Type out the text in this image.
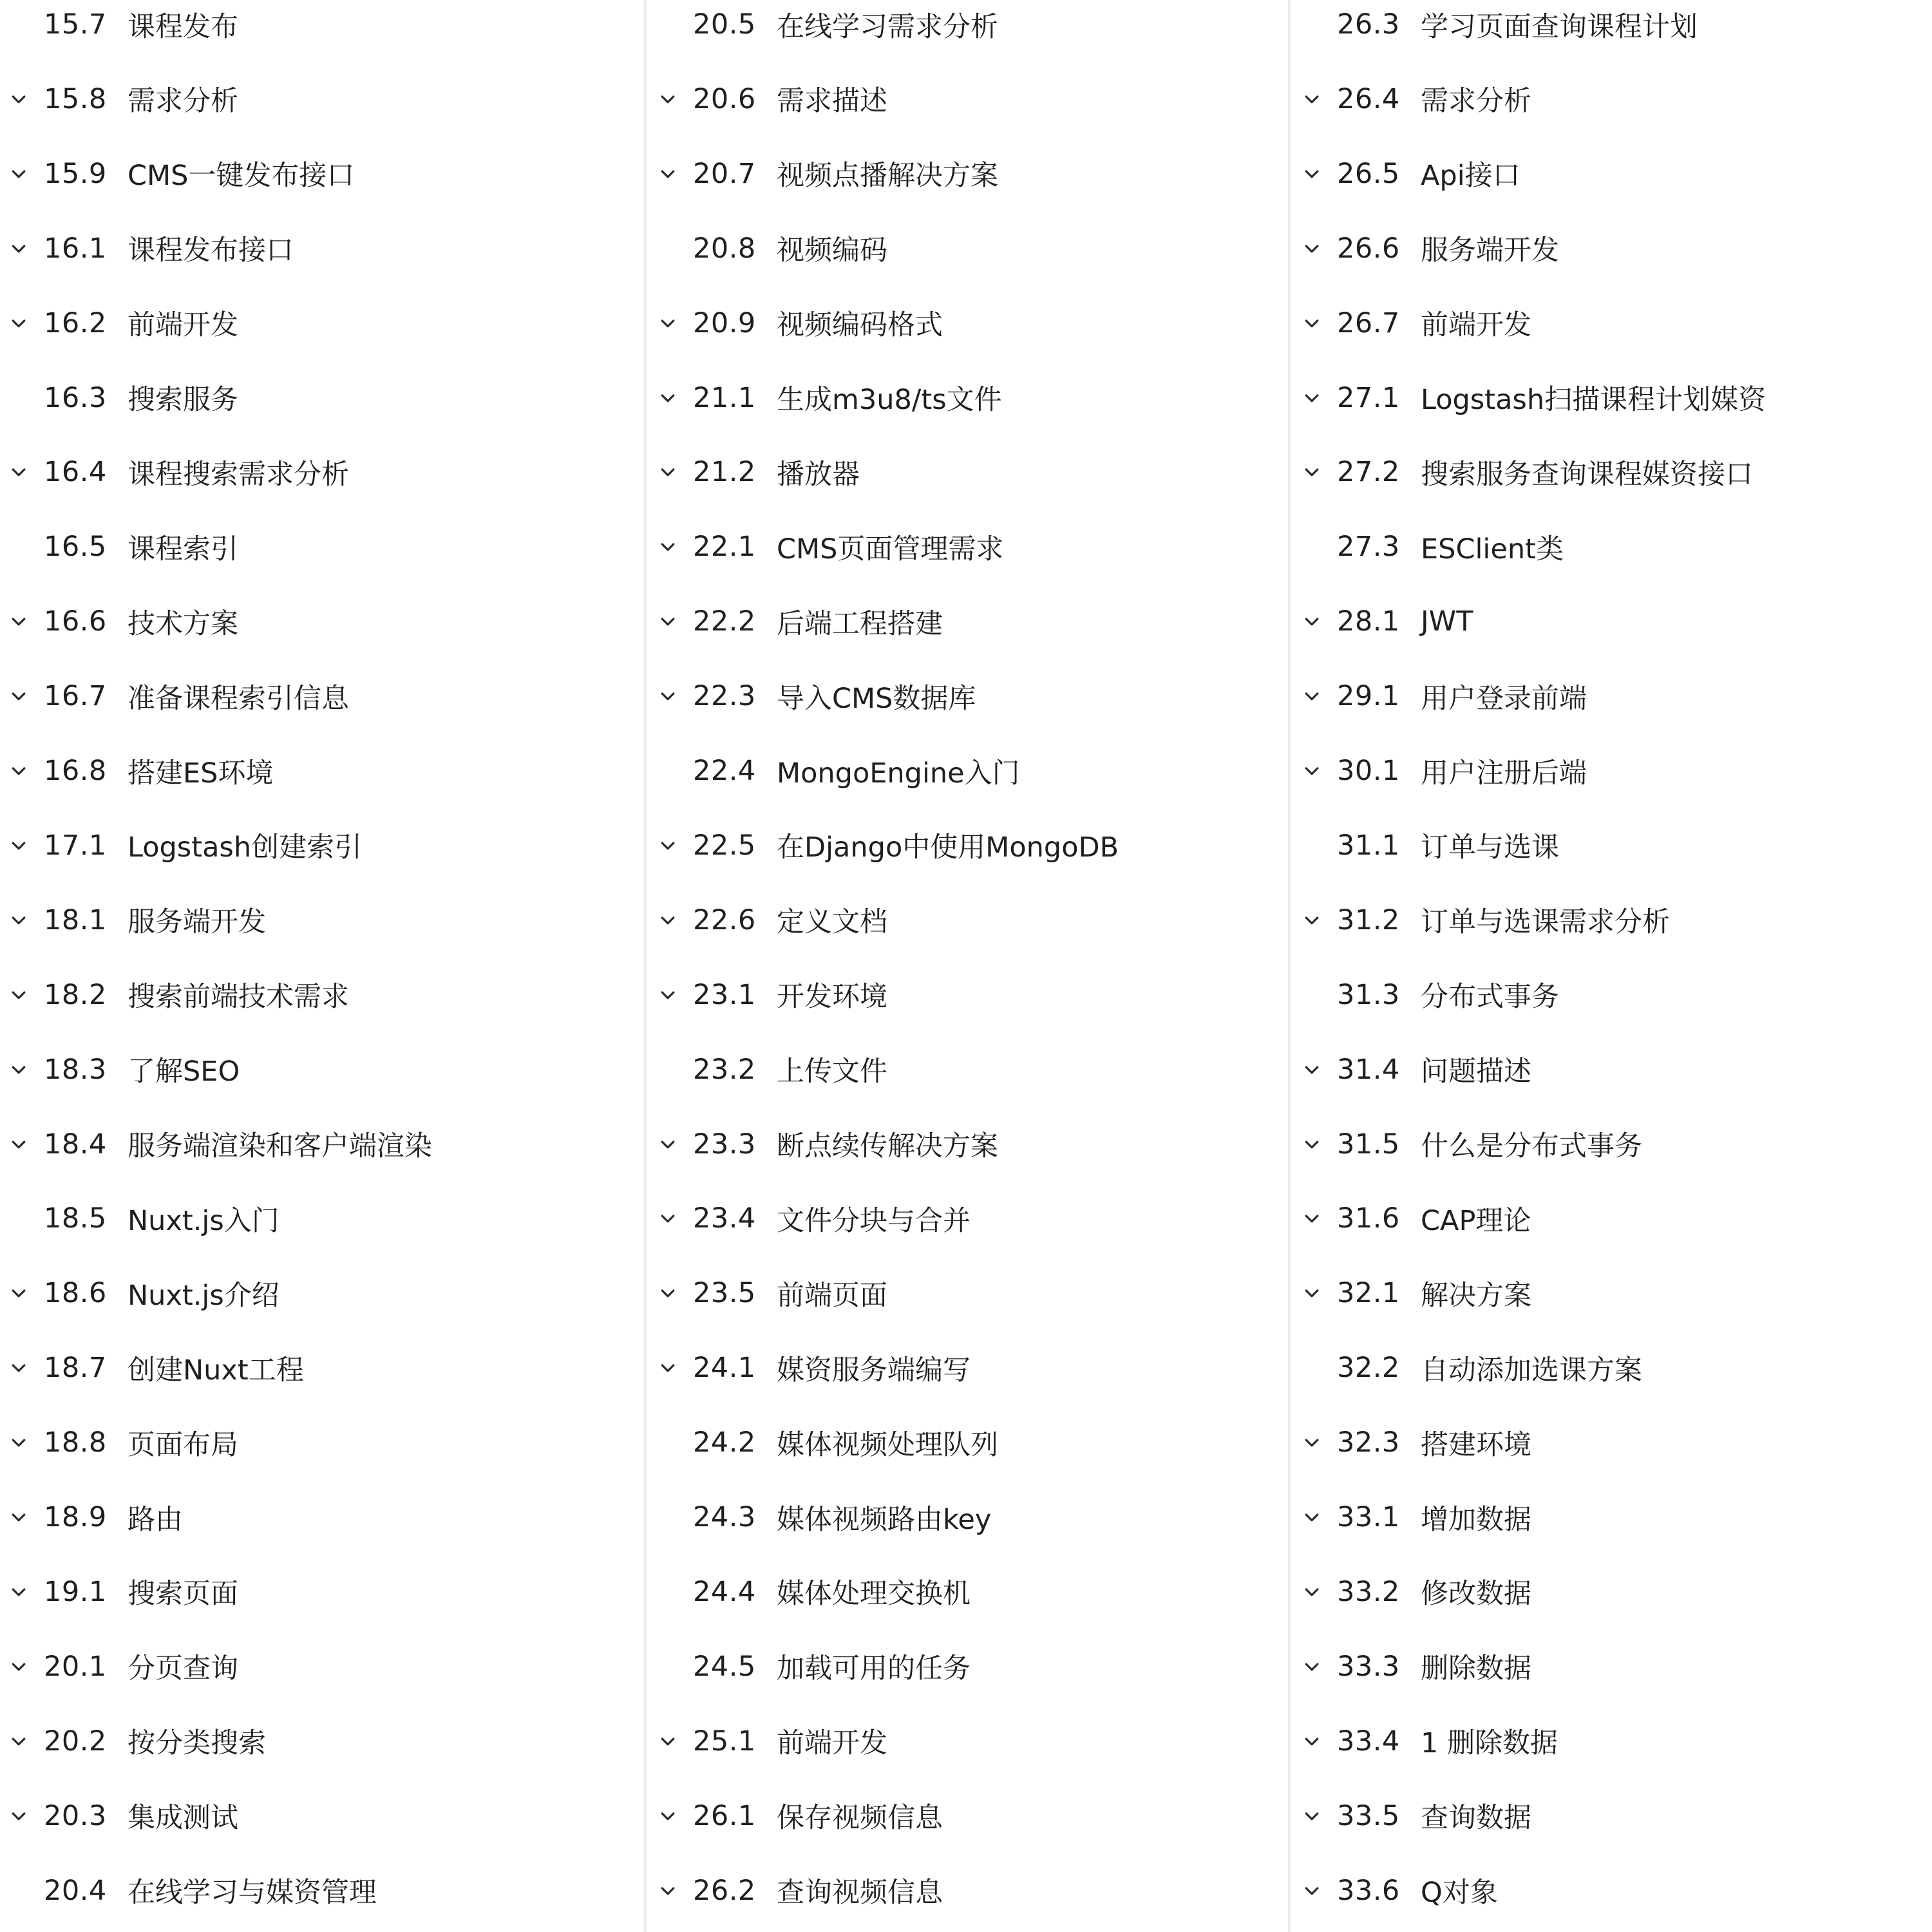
15.7 课程发布
15.8 需求分析
15.9 CMS一键发布接口
16.1 课程发布接口
16.2 前端开发
16.3 搜索服务
16.4 课程搜索需求分析
16.5 课程索引
16.6 技术方案
16.7 准备课程索引信息
16.8 搭建ES环境
17.1 Logstash创建索引
18.1 服务端开发
18.2 搜索前端技术需求
18.3 了解SEO
18.4 服务端渲染和客户端渲染
18.5 Nuxt.js入门
18.6 Nuxt.js介绍
18.7 创建Nuxt工程
18.8 页面布局
18.9 路由
19.1 搜索页面
20.1 分页查询
20.2 按分类搜索
20.3 集成测试
20.4 在线学习与媒资管理
20.5 在线学习需求分析
20.6 需求描述
20.7 视频点播解决方案
20.8 视频编码
20.9 视频编码格式
21.1 生成m3u8/ts文件
21.2 播放器
22.1 CMS页面管理需求
22.2 后端工程搭建
22.3 导入CMS数据库
22.4 MongoEngine入门
22.5 在Django中使用MongoDB
22.6 定义文档
23.1 开发环境
23.2 上传文件
23.3 断点续传解决方案
23.4 文件分块与合并
23.5 前端页面
24.1 媒资服务端编写
24.2 媒体视频处理队列
24.3 媒体视频路由key
24.4 媒体处理交换机
24.5 加载可用的任务
25.1 前端开发
26.1 保存视频信息
26.2 查询视频信息
26.3 学习页面查询课程计划
26.4 需求分析
26.5 Api接口
26.6 服务端开发
26.7 前端开发
27.1 Logstash扫描课程计划媒资
27.2 搜索服务查询课程媒资接口
27.3 ESClient类
28.1 JWT
29.1 用户登录前端
30.1 用户注册后端
31.1 订单与选课
31.2 订单与选课需求分析
31.3 分布式事务
31.4 问题描述
31.5 什么是分布式事务
31.6 CAP理论
32.1 解决方案
32.2 自动添加选课方案
32.3 搭建环境
33.1 增加数据
33.2 修改数据
33.3 删除数据
33.4 1 删除数据
33.5 查询数据
33.6 Q对象
